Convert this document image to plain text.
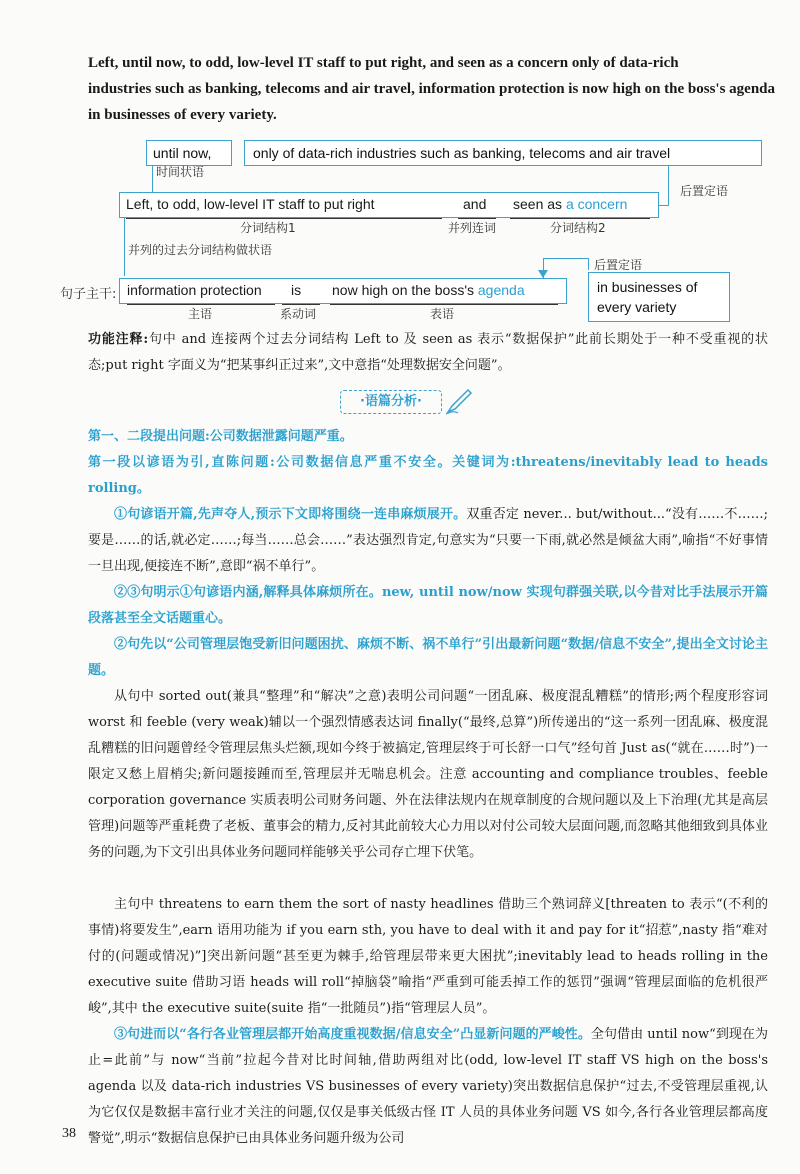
Left, until now, to odd, low-level IT staff to put right, and seen as a concern only of data-rich
industries such as banking, telecoms and air travel, information protection is now high on the boss's agenda
in businesses of every variety.
until now,	only of data-rich industries such as banking, telecoms and air travel
时间状语
后置定语
Left, to odd, low-level IT staff to put right	and seen as a concern
分词结构1	并列连词	分词结构2
并列的过去分词结构做状语
句子主干: information protection is now high on the boss's agenda
主语	系动词	表语
后置定语
in businesses of every variety
功能注释:句中 and 连接两个过去分词结构 Left to 及 seen as 表示“数据保护”此前长期处于一种不受重视的状态;put right 字面义为“把某事纠正过来”,文中意指“处理数据安全问题”。
·语篇分析·
第一、二段提出问题:公司数据泄露问题严重。
第一段以谚语为引,直陈问题:公司数据信息严重不安全。关键词为:threatens/inevitably lead to heads rolling。
①句谚语开篇,先声夺人,预示下文即将围绕一连串麻烦展开。双重否定 never... but/without...“没有……不……;要是……的话,就必定……;每当……总会……”表达强烈肯定,句意实为“只要一下雨,就必然是倾盆大雨”,喻指“不好事情一旦出现,便接连不断”,意即“祸不单行”。
②③句明示①句谚语内涵,解释具体麻烦所在。new, until now/now 实现句群强关联,以今昔对比手法展示开篇段落甚至全文话题重心。
②句先以“公司管理层饱受新旧问题困扰、麻烦不断、祸不单行”引出最新问题“数据/信息不安全”,提出全文讨论主题。
从句中 sorted out(兼具“整理”和“解决”之意)表明公司问题“一团乱麻、极度混乱糟糕”的情形;两个程度形容词 worst 和 feeble (very weak)辅以一个强烈情感表达词 finally(“最终,总算”)所传递出的“这一系列一团乱麻、极度混乱糟糕的旧问题曾经令管理层焦头烂额,现如今终于被搞定,管理层终于可长舒一口气”经句首 Just as(“就在……时”)一限定又愁上眉梢尖;新问题接踵而至,管理层并无喘息机会。注意 accounting and compliance troubles、feeble corporation governance 实质表明公司财务问题、外在法律法规内在规章制度的合规问题以及上下治理(尤其是高层管理)问题等严重耗费了老板、董事会的精力,反衬其此前较大心力用以对付公司较大层面问题,而忽略其他细致到具体业务的问题,为下文引出具体业务问题同样能够关乎公司存亡埋下伏笔。
主句中 threatens to earn them the sort of nasty headlines 借助三个熟词辞义[threaten to 表示“(不利的事情)将要发生”,earn 语用功能为 if you earn sth, you have to deal with it and pay for it“招惹”,nasty 指“难对付的(问题或情况)”]突出新问题“甚至更为棘手,给管理层带来更大困扰”;inevitably lead to heads rolling in the executive suite 借助习语 heads will roll“掉脑袋”喻指“严重到可能丢掉工作的惩罚”强调“管理层面临的危机很严峻”,其中 the executive suite(suite 指“一批随员”)指“管理层人员”。
③句进而以“各行各业管理层都开始高度重视数据/信息安全”凸显新问题的严峻性。全句借由 until now“到现在为止=此前”与 now“当前”拉起今昔对比时间轴,借助两组对比(odd, low-level IT staff VS high on the boss's agenda 以及 data-rich industries VS businesses of every variety)突出数据信息保护“过去,不受管理层重视,认为它仅仅是数据丰富行业才关注的问题,仅仅是事关低级古怪 IT 人员的具体业务问题 VS 如今,各行各业管理层都高度警觉”,明示“数据信息保护已由具体业务问题升级为公司
38
